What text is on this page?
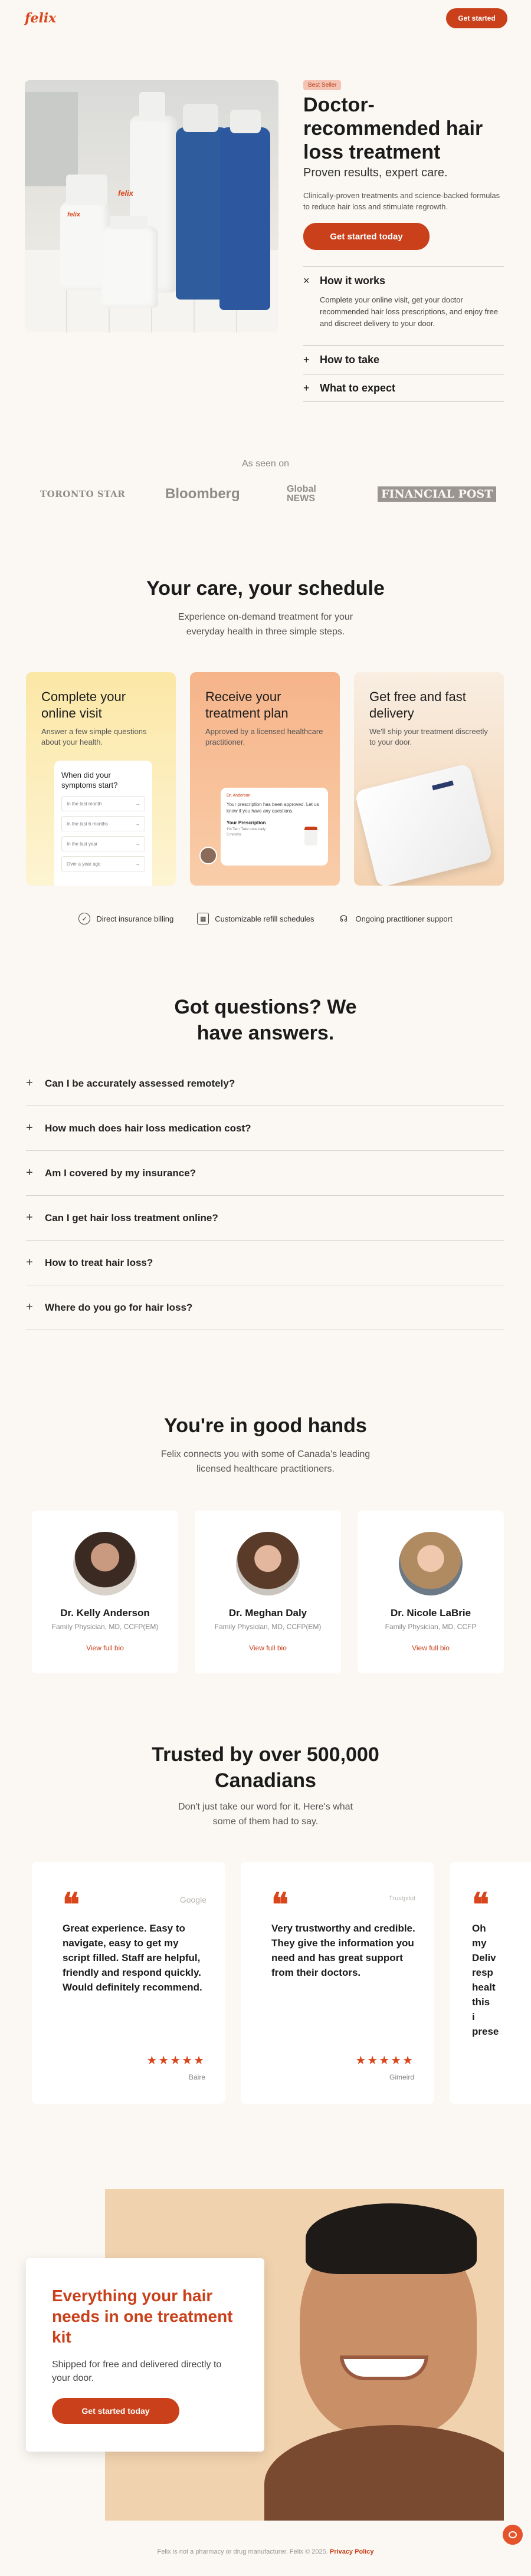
felix	Get started
felix
felix
Best Seller
Doctor-recommended hair loss treatment
Proven results, expert care.
Clinically-proven treatments and science-backed formulas to reduce hair loss and stimulate regrowth.
Get started today
× How it works
Complete your online visit, get your doctor recommended hair loss prescriptions, and enjoy free and discreet delivery to your door.
+ How to take
+ What to expect
As seen on
TORONTO STAR	Bloomberg	Global NEWS	FINANCIAL POST
Your care, your schedule
Experience on-demand treatment for your everyday health in three simple steps.
Complete your online visit

Answer a few simple questions about your health.

When did your symptoms start?
In the last month	→
In the last 6 months	→
In the last year	→
Over a year ago	→
Receive your treatment plan

Approved by a licensed healthcare practitioner.

Dr. Anderson
Your prescription has been approved. Let us know if you have any questions.
Your Prescription
1% Tab / Take once daily
3 months
Get free and fast delivery

We'll ship your treatment discreetly to your door.

✓	Direct insurance billing	▦	Customizable refill schedules	☊ Ongoing practitioner support
Got questions? We have answers.
+	Can I be accurately assessed remotely?
+	How much does hair loss medication cost?
+	Am I covered by my insurance?
+	Can I get hair loss treatment online?
+	How to treat hair loss?
+	Where do you go for hair loss?
You're in good hands
Felix connects you with some of Canada's leading licensed healthcare practitioners.
Dr. Kelly Anderson
Family Physician, MD, CCFP(EM)
View full bio
Dr. Meghan Daly
Family Physician, MD, CCFP(EM)
View full bio
Dr. Nicole LaBrie
Family Physician, MD, CCFP
View full bio
Trusted by over 500,000 Canadians
Don't just take our word for it. Here's what some of them had to say.
❝	Google
Great experience. Easy to navigate, easy to get my script filled. Staff are helpful, friendly and respond quickly. Would definitely recommend.
★★★★★
Baire
❝	Trustpilot
Very trustworthy and credible. They give the information you need and has great support from their doctors.
★★★★★
Gimeird
❝
Oh my Deliv resp healt this i prese
Everything your hair needs in one treatment kit

Shipped for free and delivered directly to your door.

Get started today
Felix is not a pharmacy or drug manufacturer. Felix © 2025. Privacy Policy
